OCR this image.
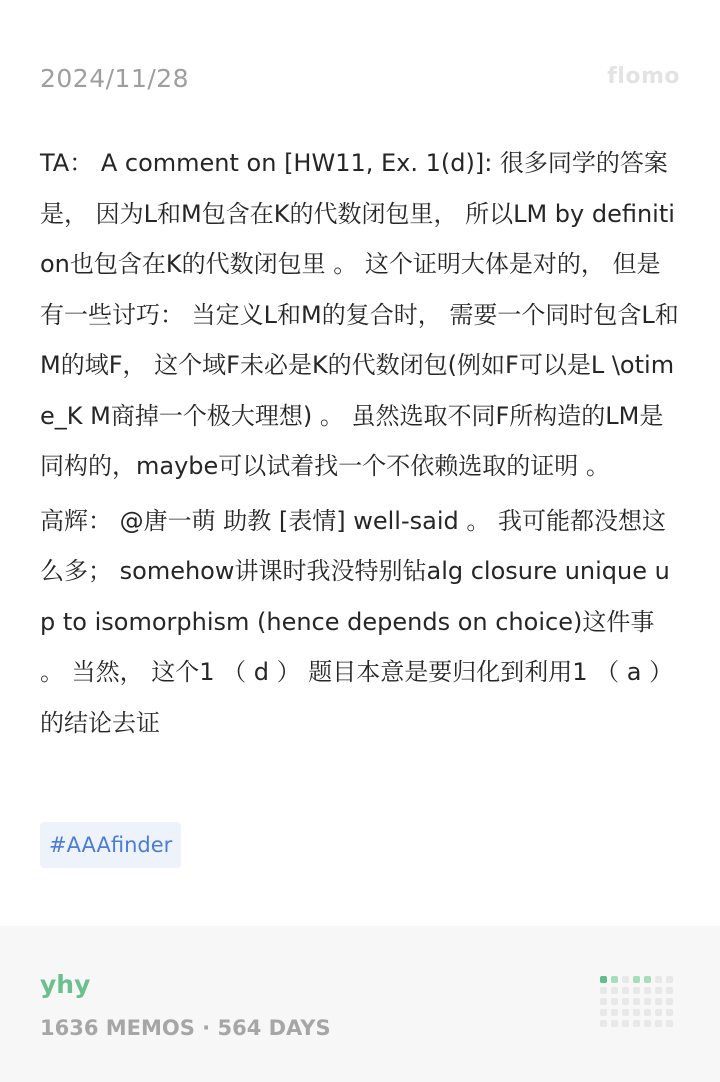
2024/11/28	flomo

TA： A comment on [HW11, Ex. 1(d)]: 很多同学的答案是， 因为L和M包含在K的代数闭包里， 所以LM by definition也包含在K的代数闭包里 。 这个证明大体是对的， 但是有一些讨巧： 当定义L和M的复合时， 需要一个同时包含L和M的域F， 这个域F未必是K的代数闭包(例如F可以是L \otime_K M商掉一个极大理想) 。 虽然选取不同F所构造的LM是同构的，maybe可以试着找一个不依赖选取的证明 。

高辉： @唐一萌 助教 [表情] well-said 。 我可能都没想这么多； somehow讲课时我没特别钻alg closure unique up to isomorphism (hence depends on choice)这件事 。 当然， 这个1 （ d ） 题目本意是要归化到利用1 （ a ） 的结论去证

#AAAfinder
yhy
1636 MEMOS · 564 DAYS
